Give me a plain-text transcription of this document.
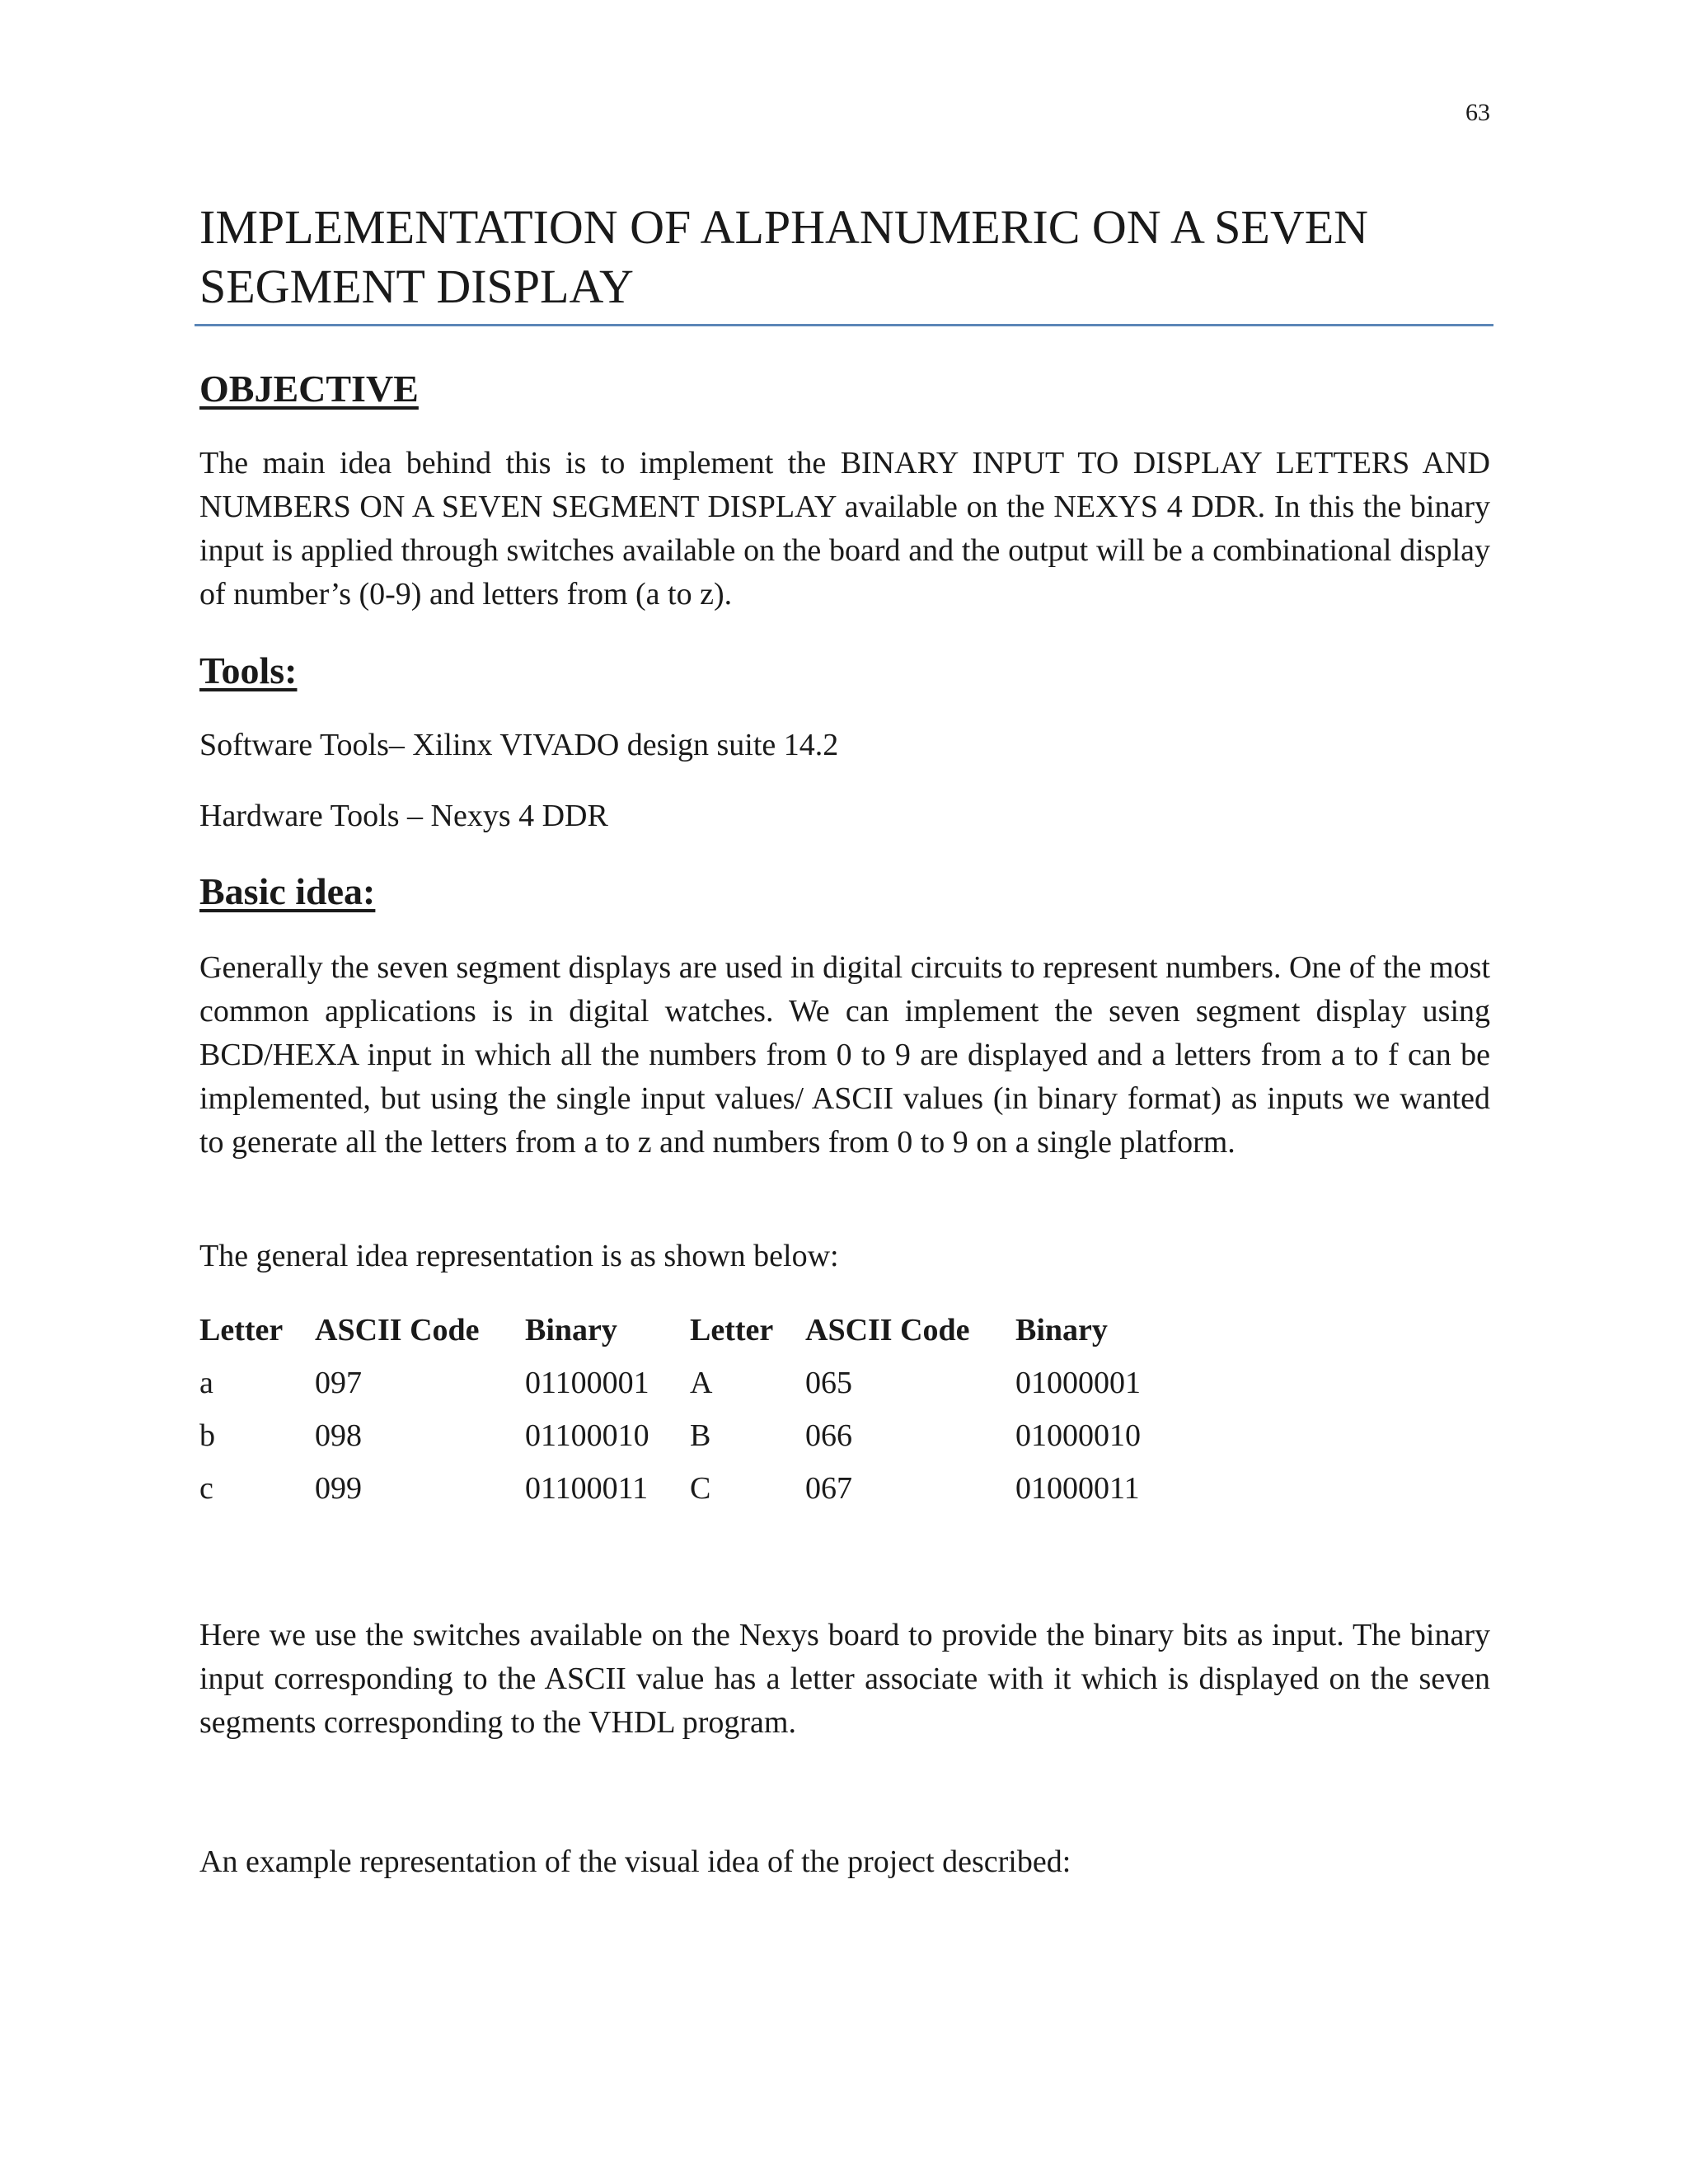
63
IMPLEMENTATION OF ALPHANUMERIC ON A SEVEN SEGMENT DISPLAY
OBJECTIVE

The main idea behind this is to implement the BINARY INPUT TO DISPLAY LETTERS AND NUMBERS ON A SEVEN SEGMENT DISPLAY available on the NEXYS 4 DDR. In this the binary input is applied through switches available on the board and the output will be a combinational display of number’s (0-9) and letters from (a to z).

Tools:

Software Tools– Xilinx VIVADO design suite 14.2

Hardware Tools – Nexys 4 DDR

Basic idea:

Generally the seven segment displays are used in digital circuits to represent numbers. One of the most common applications is in digital watches. We can implement the seven segment display using BCD/HEXA input in which all the numbers from 0 to 9 are displayed and a letters from a to f can be implemented, but using the single input values/ ASCII values (in binary format) as inputs we wanted to generate all the letters from a to z and numbers from 0 to 9 on a single platform.

The general idea representation is as shown below:

Letter	ASCII Code	Binary	Letter	ASCII Code	Binary
a	097	01100001	A	065	01000001
b	098	01100010	B	066	01000010
c	099	01100011	C	067	01000011

Here we use the switches available on the Nexys board to provide the binary bits as input. The binary input corresponding to the ASCII value has a letter associate with it which is displayed on the seven segments corresponding to the VHDL program.

An example representation of the visual idea of the project described:
